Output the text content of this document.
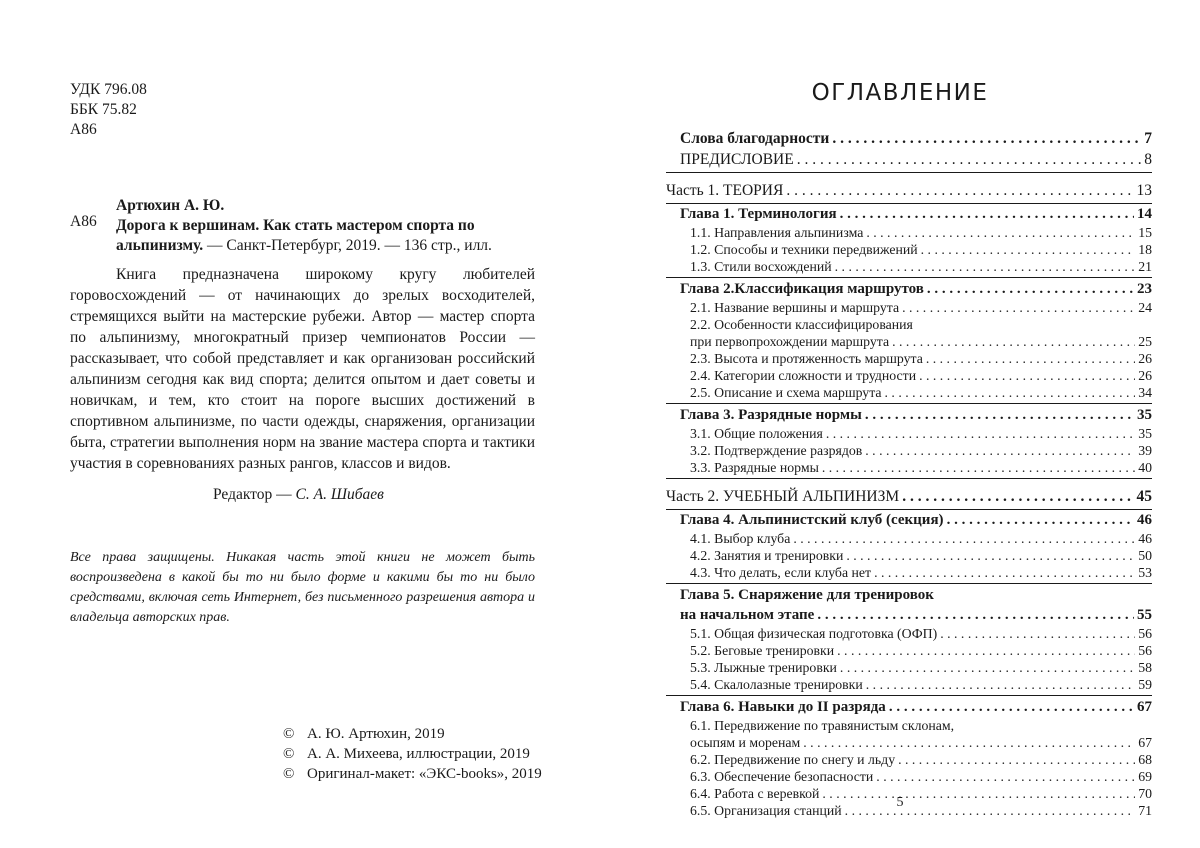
УДК 796.08
ББК 75.82
А86
А86
Артюхин А. Ю.
Дорога к вершинам. Как стать мастером спорта по альпинизму. — Санкт-Петербург, 2019. — 136 стр., илл.
Книга предназначена широкому кругу любителей горовосхождений — от начинающих до зрелых восходителей, стремящихся выйти на мастерские рубежи. Автор — мастер спорта по альпинизму, многократный призер чемпионатов России — рассказывает, что собой представляет и как организован российский альпинизм сегодня как вид спорта; делится опытом и дает советы и новичкам, и тем, кто стоит на пороге высших достижений в спортивном альпинизме, по части одежды, снаряжения, организации быта, стратегии выполнения норм на звание мастера спорта и тактики участия в соревнованиях разных рангов, классов и видов.
Редактор — С. А. Шибаев
Все права защищены. Никакая часть этой книги не может быть воспроизведена в какой бы то ни было форме и какими бы то ни было средствами, включая сеть Интернет, без письменного разрешения автора и владельца авторских прав.
© А. Ю. Артюхин, 2019
© А. А. Михеева, иллюстрации, 2019
© Оригинал-макет: «ЭКС-books», 2019
ОГЛАВЛЕНИЕ
Слова благодарности . . .	7
ПРЕДИСЛОВИЕ . . .	8
Часть 1. ТЕОРИЯ . . .	13
Глава 1. Терминология . . .	14
1.1. Направления альпинизма . . .	15
1.2. Способы и техники передвижений . . .	18
1.3. Стили восхождений . . .	21
Глава 2.Классификация маршрутов . . .	23
2.1. Название вершины и маршрута . . .	24
2.2. Особенности классифицирования
при первопрохождении маршрута . . .	25
2.3. Высота и протяженность маршрута . . .	26
2.4. Категории сложности и трудности . . .	26
2.5. Описание и схема маршрута . . .	34
Глава 3. Разрядные нормы . . .	35
3.1. Общие положения . . .	35
3.2. Подтверждение разрядов . . .	39
3.3. Разрядные нормы . . .	40
Часть 2. УЧЕБНЫЙ АЛЬПИНИЗМ . . .	45
Глава 4. Альпинистский клуб (секция) . . .	46
4.1. Выбор клуба . . .	46
4.2. Занятия и тренировки . . .	50
4.3. Что делать, если клуба нет . . .	53
Глава 5. Снаряжение для тренировок
на начальном этапе . . .	55
5.1. Общая физическая подготовка (ОФП) . . .	56
5.2. Беговые тренировки . . .	56
5.3. Лыжные тренировки . . .	58
5.4. Скалолазные тренировки . . .	59
Глава 6. Навыки до II разряда . . .	67
6.1. Передвижение по травянистым склонам,
осыпям и моренам . . .	67
6.2. Передвижение по снегу и льду . . .	68
6.3. Обеспечение безопасности . . .	69
6.4. Работа с веревкой . . .	70
6.5. Организация станций . . .	71
5
